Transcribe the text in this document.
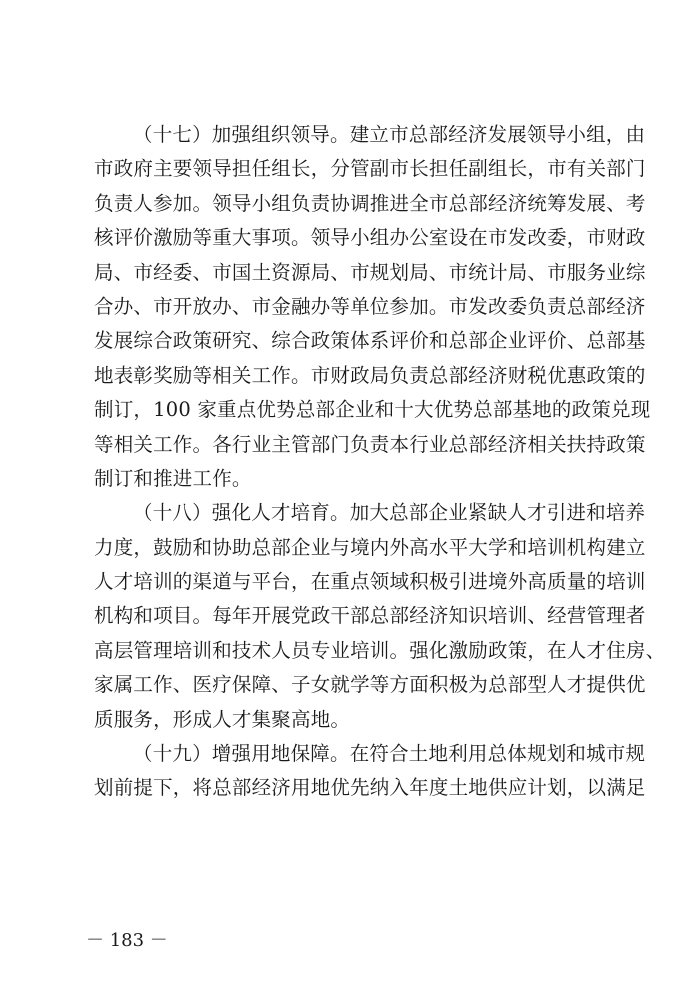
（十七）加强组织领导。建立市总部经济发展领导小组，由
市政府主要领导担任组长，分管副市长担任副组长，市有关部门
负责人参加。领导小组负责协调推进全市总部经济统筹发展、考
核评价激励等重大事项。领导小组办公室设在市发改委，市财政
局、市经委、市国土资源局、市规划局、市统计局、市服务业综
合办、市开放办、市金融办等单位参加。市发改委负责总部经济
发展综合政策研究、综合政策体系评价和总部企业评价、总部基
地表彰奖励等相关工作。市财政局负责总部经济财税优惠政策的
制订，100 家重点优势总部企业和十大优势总部基地的政策兑现
等相关工作。各行业主管部门负责本行业总部经济相关扶持政策
制订和推进工作。
（十八）强化人才培育。加大总部企业紧缺人才引进和培养
力度，鼓励和协助总部企业与境内外高水平大学和培训机构建立
人才培训的渠道与平台，在重点领域积极引进境外高质量的培训
机构和项目。每年开展党政干部总部经济知识培训、经营管理者
高层管理培训和技术人员专业培训。强化激励政策，在人才住房、
家属工作、医疗保障、子女就学等方面积极为总部型人才提供优
质服务，形成人才集聚高地。
（十九）增强用地保障。在符合土地利用总体规划和城市规
划前提下，将总部经济用地优先纳入年度土地供应计划，以满足
－ 183 －
